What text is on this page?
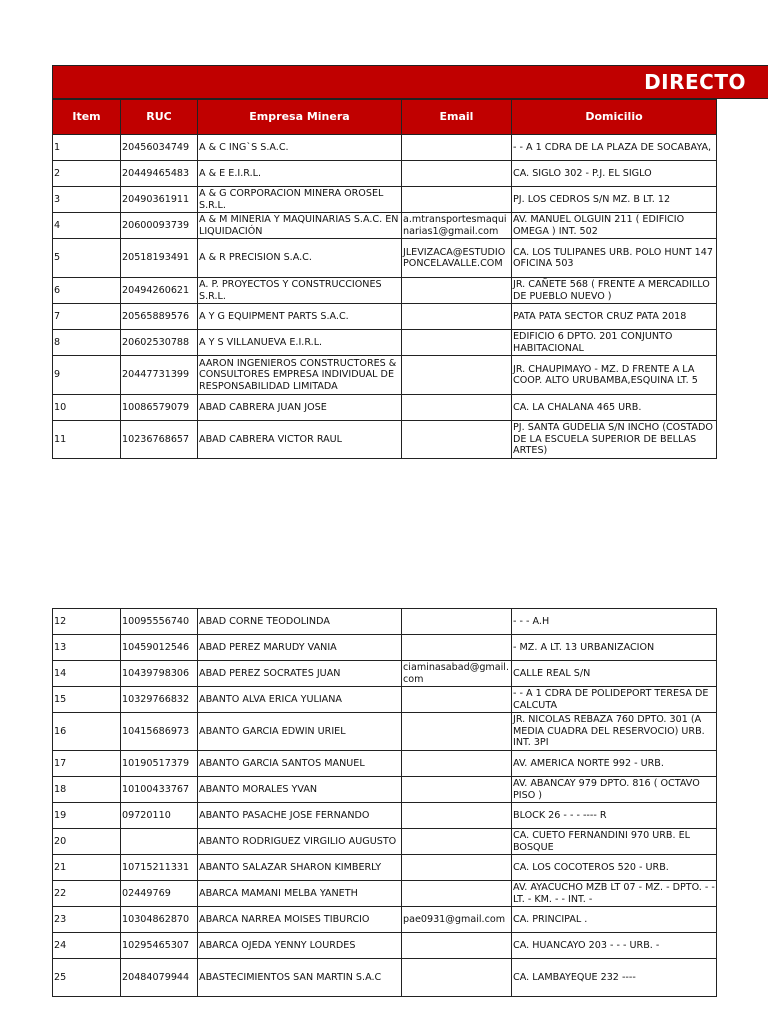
DIRECTO
Item	RUC	Empresa Minera	Email	Domicilio
1	20456034749	A & C ING`S S.A.C.		- - A 1 CDRA DE LA PLAZA DE SOCABAYA,
2	20449465483	A & E E.I.R.L.		CA. SIGLO 302 - P.J. EL SIGLO
3	20490361911	A & G CORPORACION MINERA OROSEL S.R.L.		PJ. LOS CEDROS S/N MZ. B LT. 12
4	20600093739	A & M MINERIA Y MAQUINARIAS S.A.C. EN LIQUIDACIÓN	a.mtransportesmaquinarias1@gmail.com	AV. MANUEL OLGUIN 211 ( EDIFICIO OMEGA ) INT. 502
5	20518193491	A & R PRECISION S.A.C.	JLEVIZACA@ESTUDIOPONCELAVALLE.COM	CA. LOS TULIPANES URB. POLO HUNT 147 OFICINA 503
6	20494260621	A. P. PROYECTOS Y CONSTRUCCIONES S.R.L.		JR. CAÑETE 568 ( FRENTE A MERCADILLO DE PUEBLO NUEVO )
7	20565889576	A Y G EQUIPMENT PARTS S.A.C.		PATA PATA SECTOR CRUZ PATA 2018
8	20602530788	A Y S VILLANUEVA E.I.R.L.		EDIFICIO 6 DPTO. 201 CONJUNTO HABITACIONAL
9	20447731399	AARON INGENIEROS CONSTRUCTORES & CONSULTORES EMPRESA INDIVIDUAL DE RESPONSABILIDAD LIMITADA		JR. CHAUPIMAYO - MZ. D FRENTE A LA COOP. ALTO URUBAMBA,ESQUINA LT. 5
10	10086579079	ABAD CABRERA JUAN JOSE		CA. LA CHALANA 465 URB.
11	10236768657	ABAD CABRERA VICTOR RAUL		PJ. SANTA GUDELIA S/N INCHO (COSTADO DE LA ESCUELA SUPERIOR DE BELLAS ARTES)
12	10095556740	ABAD CORNE TEODOLINDA		- - - A.H
13	10459012546	ABAD PEREZ MARUDY VANIA		- MZ. A LT. 13 URBANIZACION
14	10439798306	ABAD PEREZ SOCRATES JUAN	ciaminasabad@gmail.com	CALLE REAL S/N
15	10329766832	ABANTO ALVA ERICA YULIANA		- - A 1 CDRA DE POLIDEPORT TERESA DE CALCUTA
16	10415686973	ABANTO GARCIA EDWIN URIEL		JR. NICOLAS REBAZA 760 DPTO. 301 (A MEDIA CUADRA DEL RESERVOCIO) URB. INT. 3PI
17	10190517379	ABANTO GARCIA SANTOS MANUEL		AV. AMERICA NORTE 992 - URB.
18	10100433767	ABANTO MORALES YVAN		AV. ABANCAY 979 DPTO. 816 ( OCTAVO PISO )
19	09720110	ABANTO PASACHE JOSE FERNANDO		BLOCK 26 - - - ---- R
20		ABANTO RODRIGUEZ VIRGILIO AUGUSTO		CA. CUETO FERNANDINI 970 URB. EL BOSQUE
21	10715211331	ABANTO SALAZAR SHARON KIMBERLY		CA. LOS COCOTEROS 520 - URB.
22	02449769	ABARCA MAMANI MELBA YANETH		AV. AYACUCHO MZB LT 07 - MZ. - DPTO. - - LT. - KM. - - INT. -
23	10304862870	ABARCA NARREA MOISES TIBURCIO	pae0931@gmail.com	CA. PRINCIPAL .
24	10295465307	ABARCA OJEDA YENNY LOURDES		CA. HUANCAYO 203 - - - URB. -
25	20484079944	ABASTECIMIENTOS SAN MARTIN S.A.C		CA. LAMBAYEQUE 232 ----
